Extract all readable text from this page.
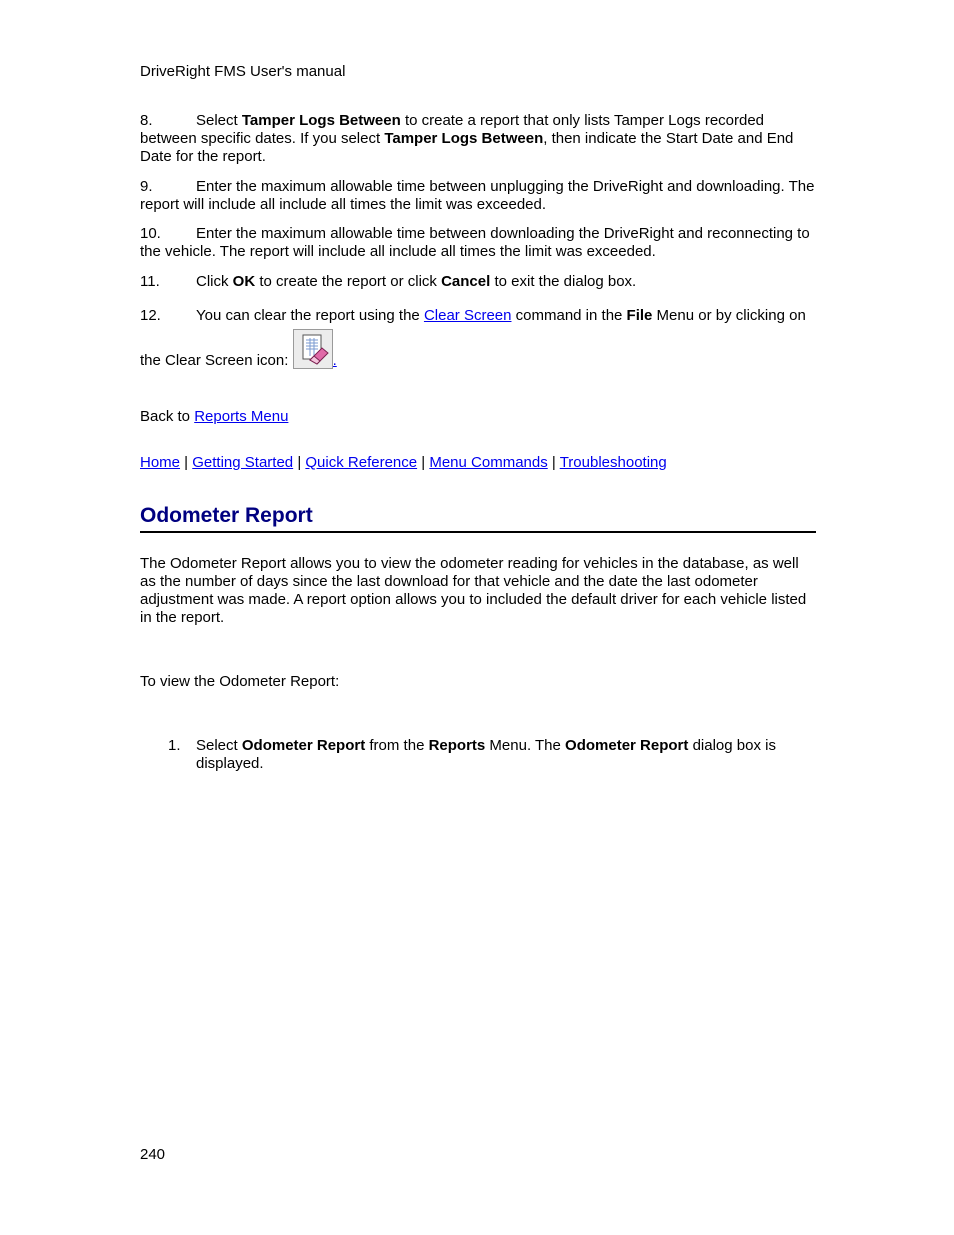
DriveRight FMS User's manual
8.	Select Tamper Logs Between to create a report that only lists Tamper Logs recorded between specific dates. If you select Tamper Logs Between, then indicate the Start Date and End Date for the report.
9.	Enter the maximum allowable time between unplugging the DriveRight and downloading. The report will include all include all times the limit was exceeded.
10. Enter the maximum allowable time between downloading the DriveRight and reconnecting to the vehicle. The report will include all include all times the limit was exceeded.
11. Click OK to create the report or click Cancel to exit the dialog box.
12. You can clear the report using the Clear Screen command in the File Menu or by clicking on the Clear Screen icon:	.
Back to Reports Menu
Home | Getting Started | Quick Reference | Menu Commands | Troubleshooting
Odometer Report
The Odometer Report allows you to view the odometer reading for vehicles in the database, as well as the number of days since the last download for that vehicle and the date the last odometer adjustment was made. A report option allows you to included the default driver for each vehicle listed in the report.
To view the Odometer Report:
1. Select Odometer Report from the Reports Menu. The Odometer Report dialog box is displayed.
240
